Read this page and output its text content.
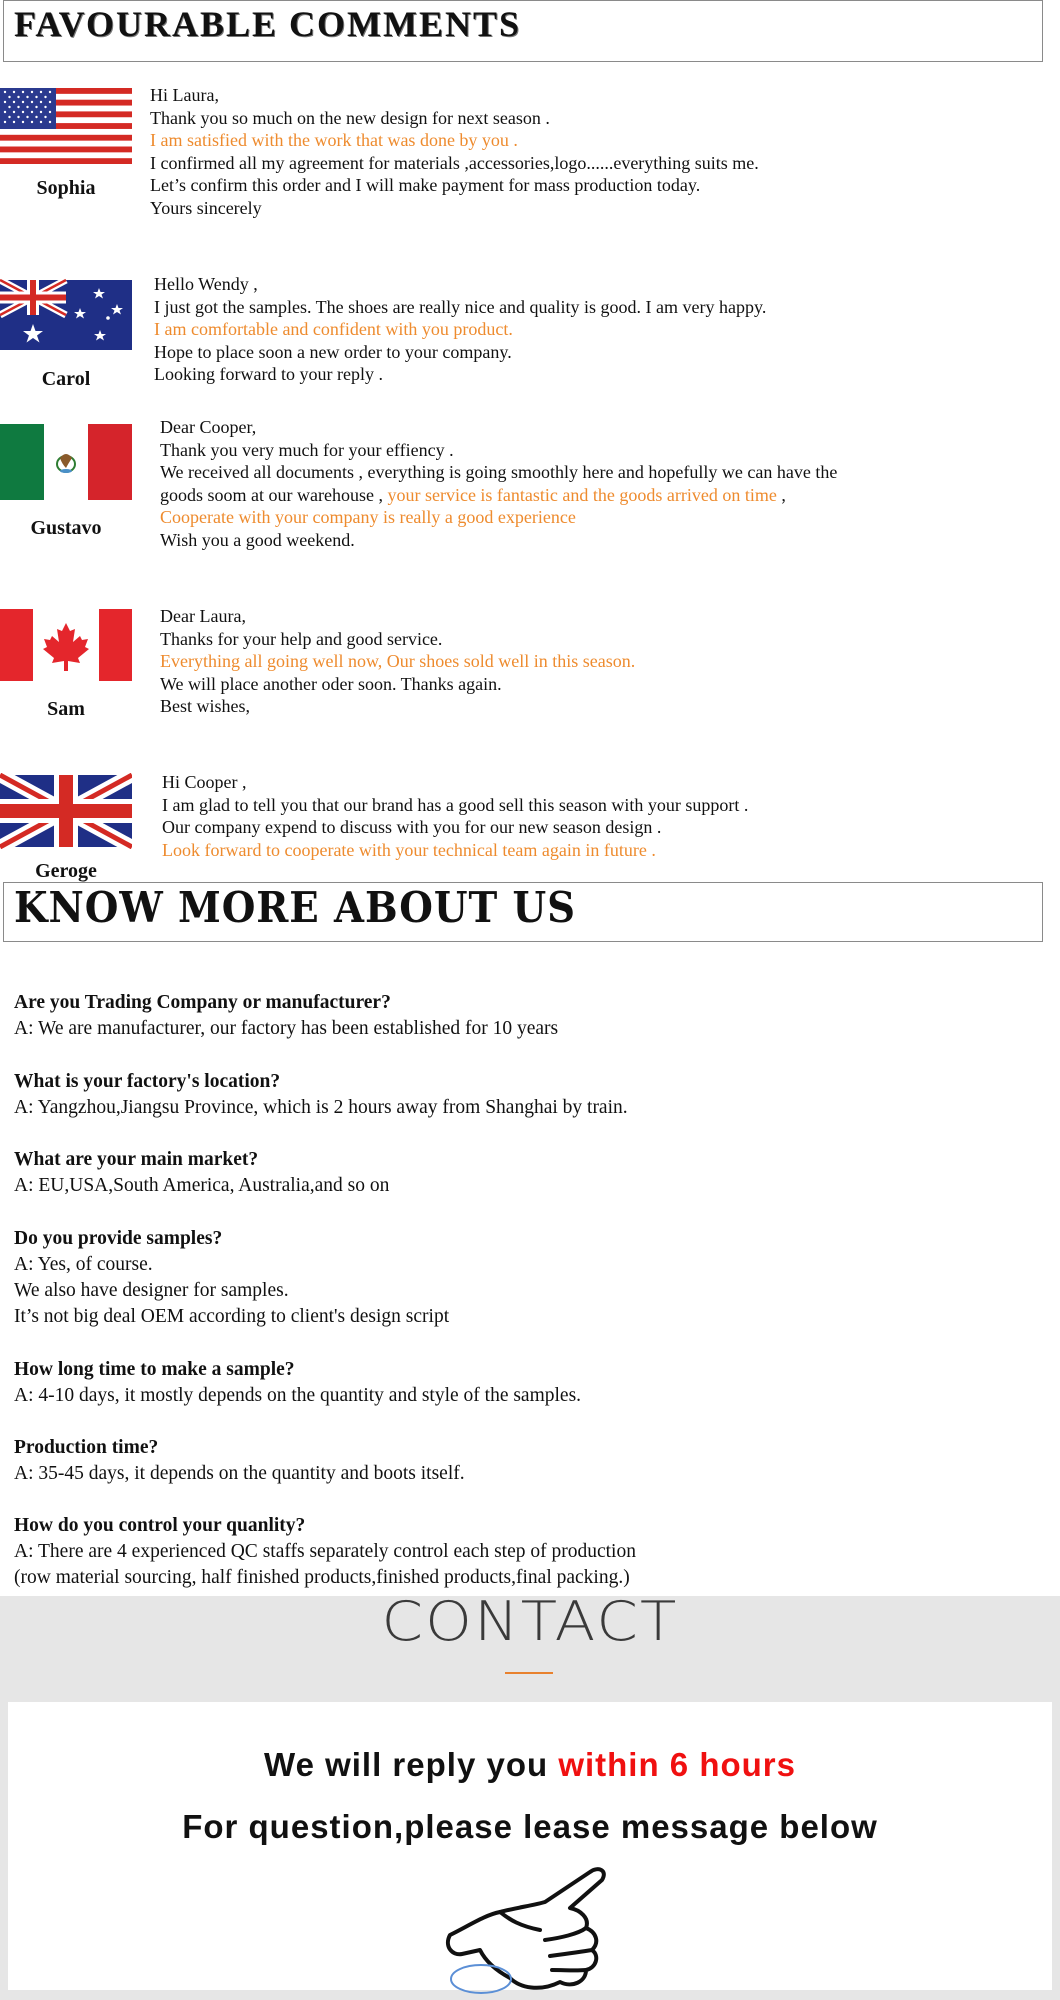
FAVOURABLE COMMENTS
Sophia
Hi Laura,
Thank you so much on the new design for next season .
I am satisfied with the work that was done by you .
I confirmed all my agreement for materials ,accessories,logo......everything suits me.
Let’s confirm this order and I will make payment for mass production today.
Yours sincerely
Carol
Hello Wendy ,
I just got the samples. The shoes are really nice and quality is good. I am very happy.
I am comfortable and confident with you product.
Hope to place soon a new order to your company.
Looking forward to your reply .
Gustavo
Dear Cooper,
Thank you very much for your effiency .
We received all documents , everything is going smoothly here and hopefully we can have the
goods soom at our warehouse , your service is fantastic and the goods arrived on time ,
Cooperate with your company is really a good experience
Wish you a good weekend.
Sam
Dear Laura,
Thanks for your help and good service.
Everything all going well now, Our shoes sold well in this season.
We will place another oder soon. Thanks again.
Best wishes,
Geroge
Hi Cooper ,
I am glad to tell you that our brand has a good sell this season with your support .
Our company expend to discuss with you for our new season design .
Look forward to cooperate with your technical team again in future .
KNOW MORE ABOUT US
Are you Trading Company or manufacturer?
A: We are manufacturer, our factory has been established for 10 years
What is your factory's location?
A: Yangzhou,Jiangsu Province, which is 2 hours away from Shanghai by train.
What are your main market?
A: EU,USA,South America, Australia,and so on
Do you provide samples?
A: Yes, of course.
We also have designer for samples.
It’s not big deal OEM according to client's design script
How long time to make a sample?
A: 4-10 days, it mostly depends on the quantity and style of the samples.
Production time?
A: 35-45 days, it depends on the quantity and boots itself.
How do you control your quanlity?
A: There are 4 experienced QC staffs separately control each step of production
(row material sourcing, half finished products,finished products,final packing.)
CONTACT
We will reply you within 6 hours
For question,please lease message below
